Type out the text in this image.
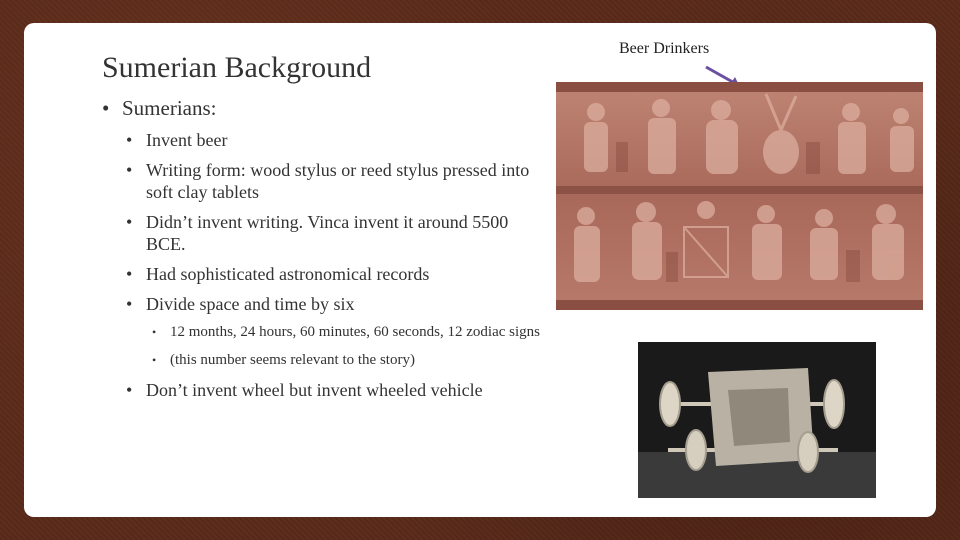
Sumerian Background
• Sumerians:
• Invent beer
• Writing form: wood stylus or reed stylus pressed into soft clay tablets
• Didn’t invent writing. Vinca invent it around 5500 BCE.
• Had sophisticated astronomical records
• Divide space and time by six
• 12 months, 24 hours, 60 minutes, 60 seconds, 12 zodiac signs
• (this number seems relevant to the story)
• Don’t invent wheel but invent wheeled vehicle
Beer Drinkers
